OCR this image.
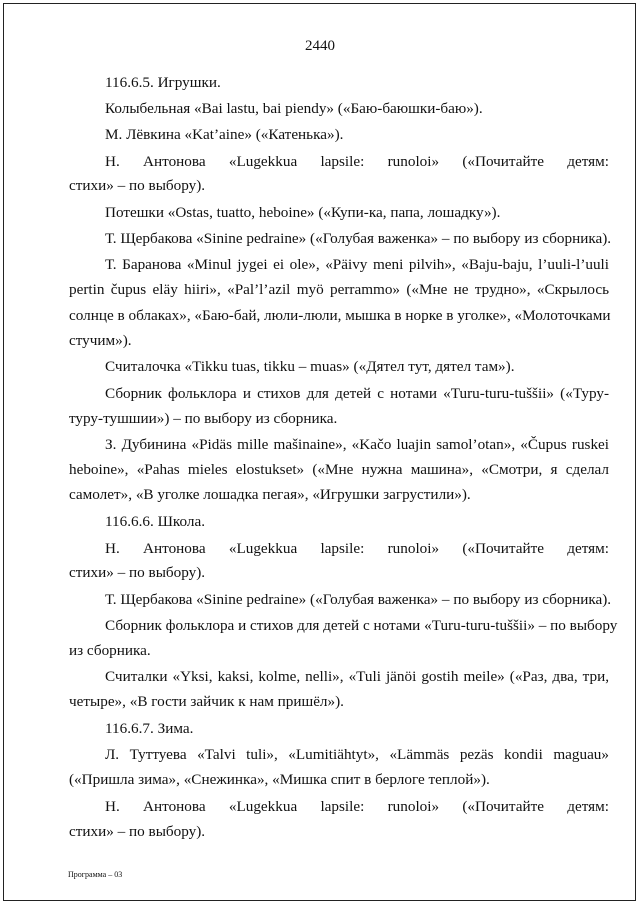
2440
116.6.5. Игрушки.
Колыбельная «Bai lastu, bai piendy» («Баю-баюшки-баю»).
М. Лёвкина «Kat’aine» («Катенька»).
Н. Антонова «Lugekkua lapsile: runoloi» («Почитайте детям:
стихи» – по выбору).
Потешки «Ostas, tuatto, heboine» («Купи-ка, папа, лошадку»).
Т. Щербакова «Sinine pedraine» («Голубая важенка» – по выбору из сборника).
Т. Баранова «Minul jygei ei ole», «Päivy meni pilvih», «Baju-baju, l’uuli-l’uuli
pertin čupus eläy hiiri», «Pal’l’azil myö perrammo» («Мне не трудно», «Скрылось
солнце в облаках», «Баю-бай, люли-люли, мышка в норке в уголке», «Молоточками
стучим»).
Считалочка «Tikku tuas, tikku – muas» («Дятел тут, дятел там»).
Сборник фольклора и стихов для детей с нотами «Turu-turu-tuššii» («Туру-
туру-тушшии») – по выбору из сборника.
З. Дубинина «Pidäs mille mašinaine», «Kačo luajin samol’otan», «Čupus ruskei
heboine», «Pahas mieles elostukset» («Мне нужна машина», «Смотри, я сделал
самолет», «В уголке лошадка пегая», «Игрушки загрустили»).
116.6.6. Школа.
Н. Антонова «Lugekkua lapsile: runoloi» («Почитайте детям:
стихи» – по выбору).
Т. Щербакова «Sinine pedraine» («Голубая важенка» – по выбору из сборника).
Сборник фольклора и стихов для детей с нотами «Turu-turu-tuššii» – по выбору
из сборника.
Считалки «Yksi, kaksi, kolme, nelli», «Tuli jänöi gostih meile» («Раз, два, три,
четыре», «В гости зайчик к нам пришёл»).
116.6.7. Зима.
Л. Туттуева «Talvi tuli», «Lumitiähtyt», «Lämmäs pezäs kondii maguau»
(«Пришла зима», «Снежинка», «Мишка спит в берлоге теплой»).
Н. Антонова «Lugekkua lapsile: runoloi» («Почитайте детям:
стихи» – по выбору).
Программа – 03
